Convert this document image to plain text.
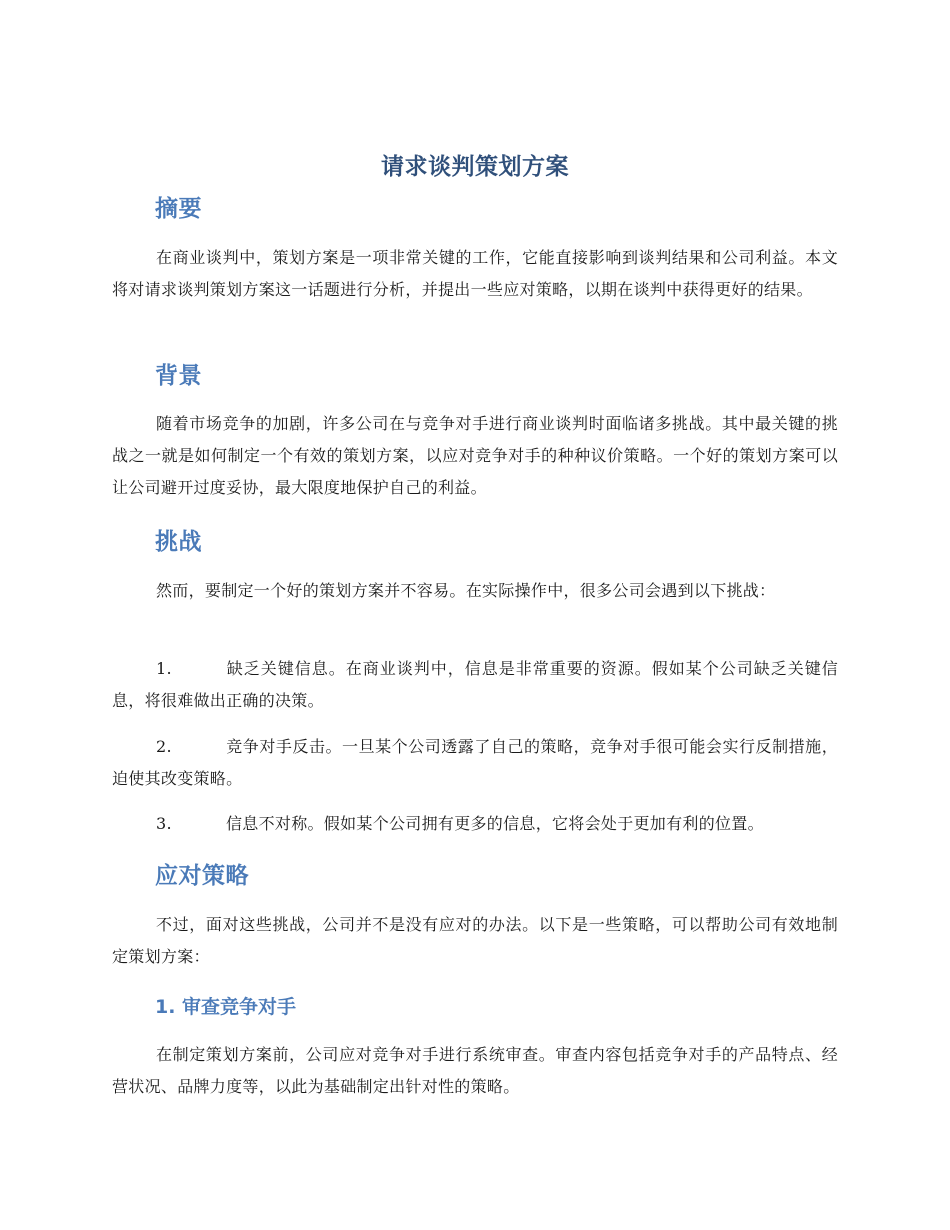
请求谈判策划方案
摘要

在商业谈判中，策划方案是一项非常关键的工作，它能直接影响到谈判结果和公司利益。本文将对请求谈判策划方案这一话题进行分析，并提出一些应对策略，以期在谈判中获得更好的结果。

背景

随着市场竞争的加剧，许多公司在与竞争对手进行商业谈判时面临诸多挑战。其中最关键的挑战之一就是如何制定一个有效的策划方案，以应对竞争对手的种种议价策略。一个好的策划方案可以让公司避开过度妥协，最大限度地保护自己的利益。

挑战

然而，要制定一个好的策划方案并不容易。在实际操作中，很多公司会遇到以下挑战：

1.	缺乏关键信息。在商业谈判中，信息是非常重要的资源。假如某个公司缺乏关键信息，将很难做出正确的决策。

2.	竞争对手反击。一旦某个公司透露了自己的策略，竞争对手很可能会实行反制措施，迫使其改变策略。

3.	信息不对称。假如某个公司拥有更多的信息，它将会处于更加有利的位置。

应对策略

不过，面对这些挑战，公司并不是没有应对的办法。以下是一些策略，可以帮助公司有效地制定策划方案：

1. 审查竞争对手

在制定策划方案前，公司应对竞争对手进行系统审查。审查内容包括竞争对手的产品特点、经营状况、品牌力度等，以此为基础制定出针对性的策略。
